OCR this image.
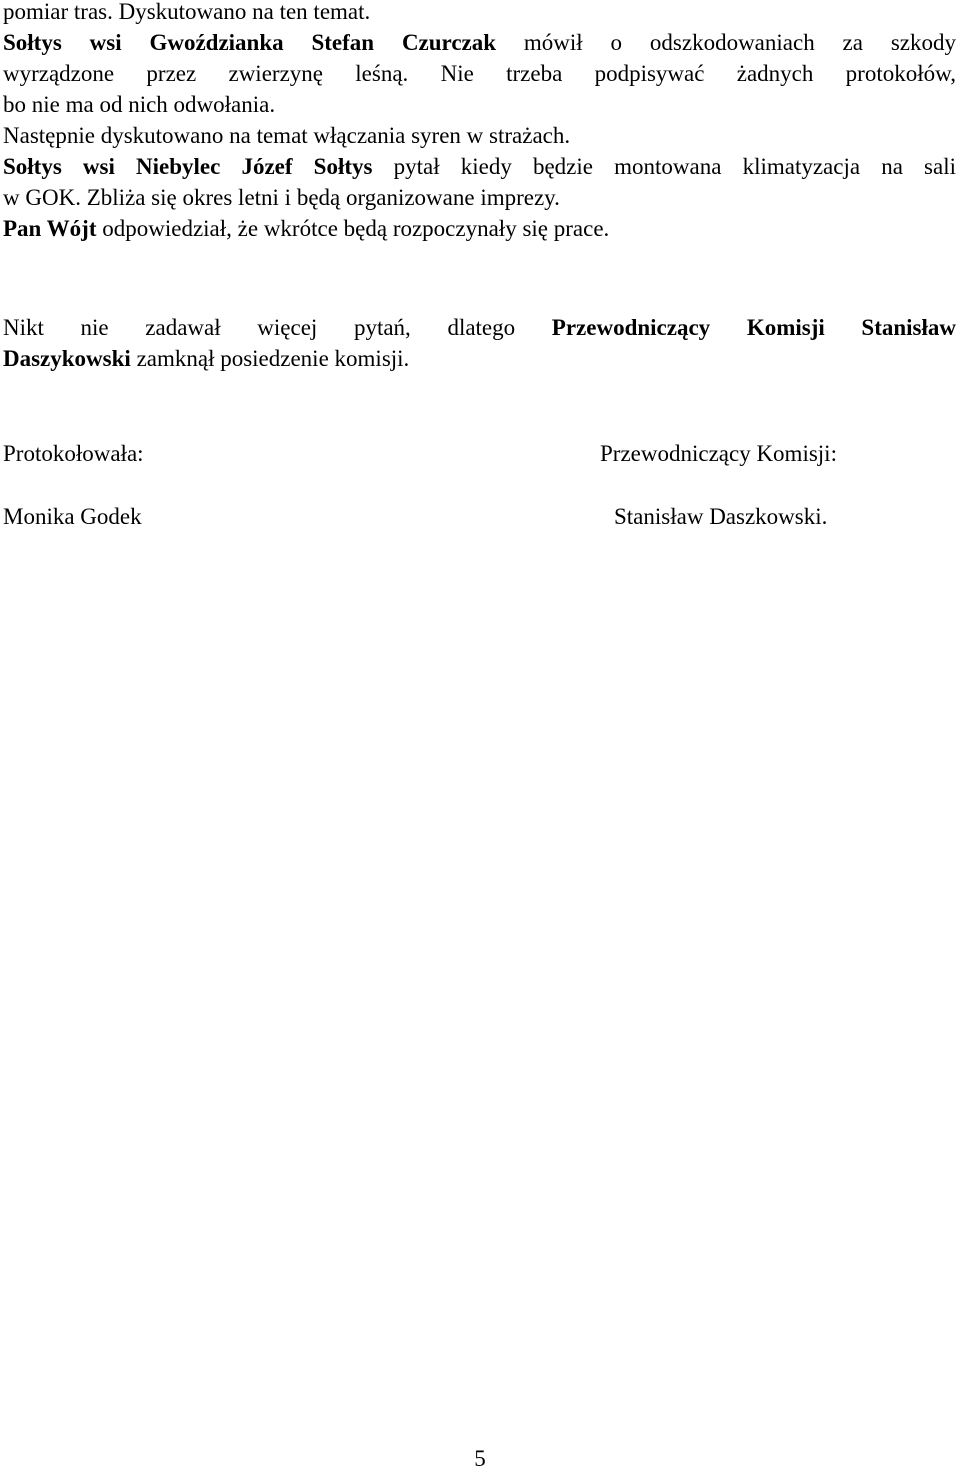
pomiar tras. Dyskutowano na ten temat.
Sołtys wsi Gwoździanka Stefan Czurczak mówił o odszkodowaniach za szkody
wyrządzone przez zwierzynę leśną. Nie trzeba podpisywać żadnych protokołów,
bo nie ma od nich odwołania.
Następnie dyskutowano na temat włączania syren w strażach.
Sołtys wsi Niebylec Józef Sołtys pytał kiedy będzie montowana klimatyzacja na sali
w GOK. Zbliża się okres letni i będą organizowane imprezy.
Pan Wójt odpowiedział, że wkrótce będą rozpoczynały się prace.
Nikt nie zadawał więcej pytań, dlatego Przewodniczący Komisji Stanisław
Daszykowski zamknął posiedzenie komisji.
Protokołowała:
Monika Godek
Przewodniczący Komisji:
Stanisław Daszkowski.
5
